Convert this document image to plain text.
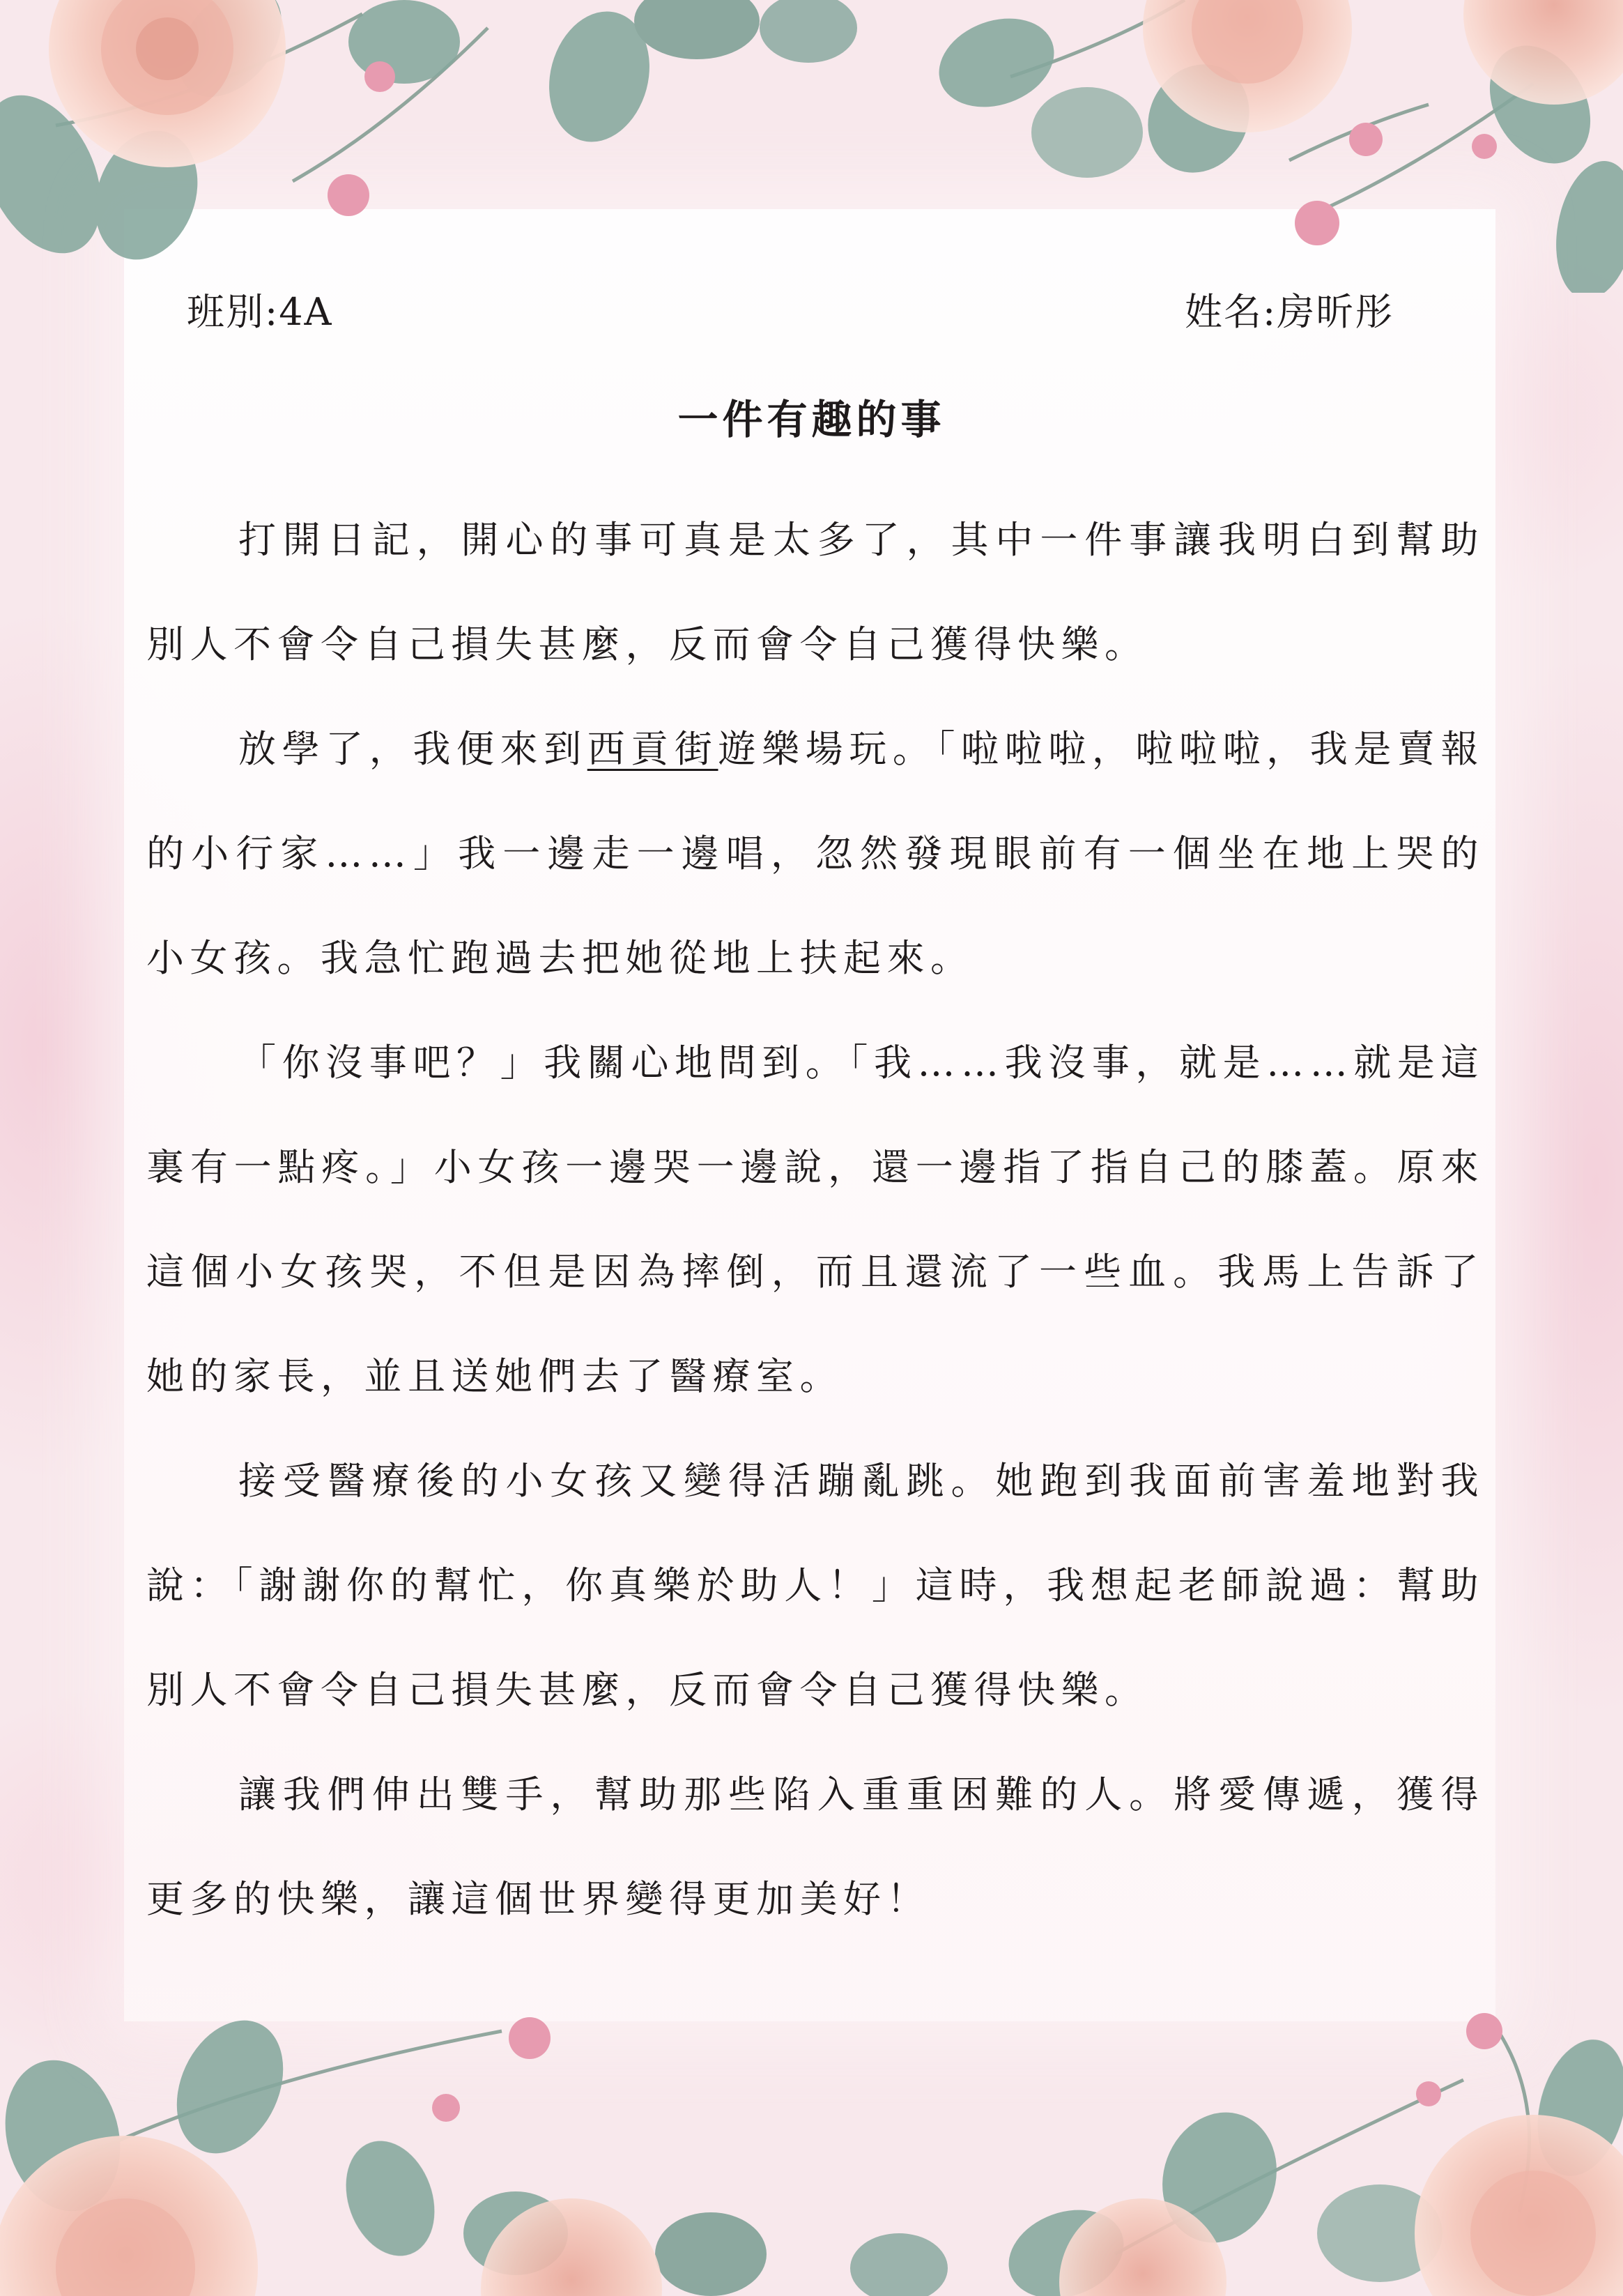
班別:4A	姓名:房昕彤

一件有趣的事

打開日記，開心的事可真是太多了，其中一件事讓我明白到幫助別人不會令自己損失甚麼，反而會令自己獲得快樂。

放學了，我便來到西貢街遊樂場玩。「啦啦啦，啦啦啦，我是賣報的小行家……」我一邊走一邊唱，忽然發現眼前有一個坐在地上哭的小女孩。我急忙跑過去把她從地上扶起來。

「你沒事吧？」我關心地問到。「我……我沒事，就是……就是這裏有一點疼。」小女孩一邊哭一邊說，還一邊指了指自己的膝蓋。原來這個小女孩哭，不但是因為摔倒，而且還流了一些血。我馬上告訴了她的家長，並且送她們去了醫療室。

接受醫療後的小女孩又變得活蹦亂跳。她跑到我面前害羞地對我說：「謝謝你的幫忙，你真樂於助人！」這時，我想起老師說過：幫助別人不會令自己損失甚麼，反而會令自己獲得快樂。

讓我們伸出雙手，幫助那些陷入重重困難的人。將愛傳遞，獲得更多的快樂，讓這個世界變得更加美好！
